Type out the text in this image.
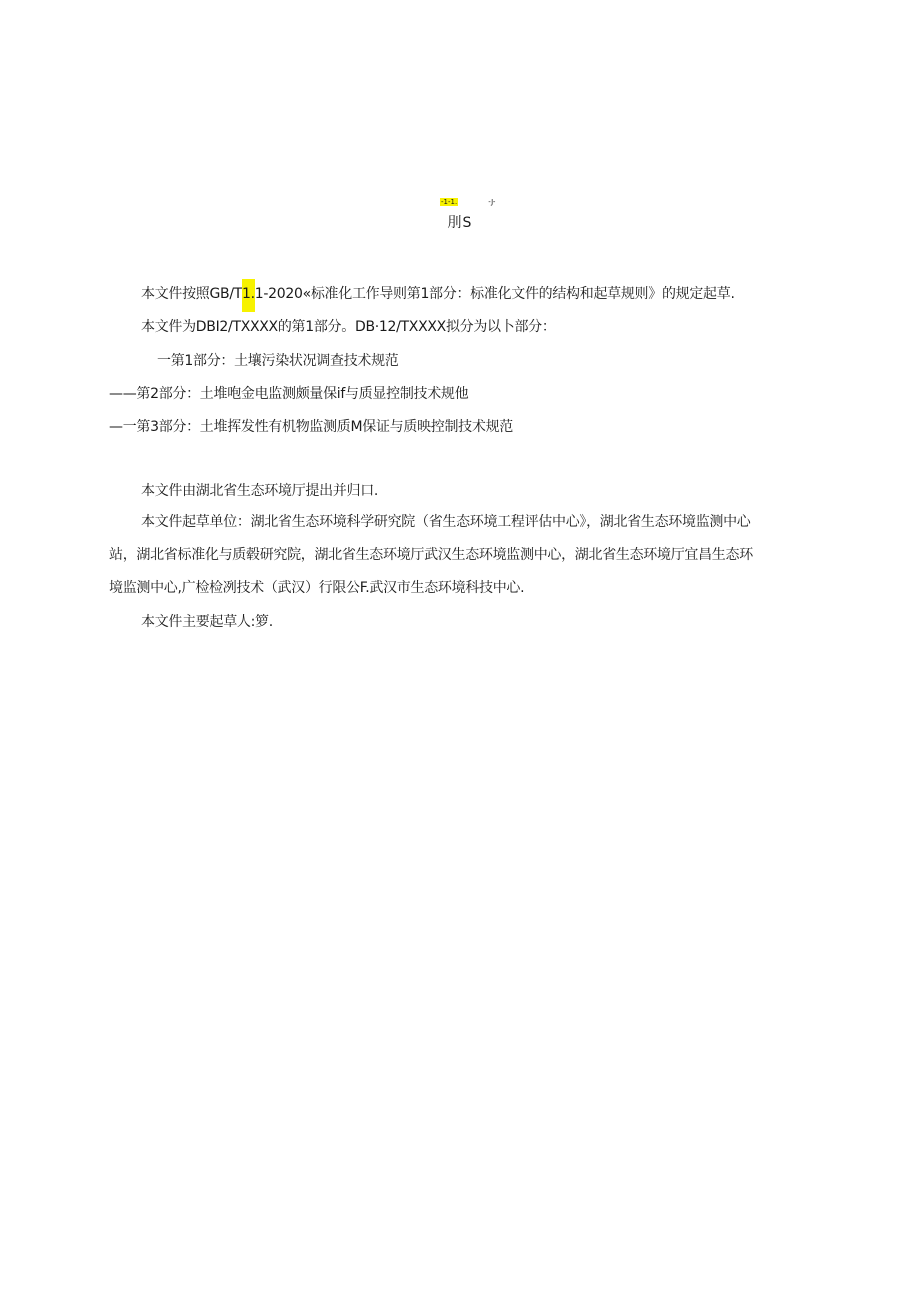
-1-1.	-J-
刖S
本文件按照GB/T1.1-2020«标准化工作导则第1部分：标准化文件的结构和起草规则》的规定起草.
本文件为DBI2/TXXXX的第1部分。DB·12/TXXXX拟分为以卜部分：
一第1部分：土壤污染状况调查技术规范
——第2部分：土堆咆金电监测颇量保if与质显控制技术规他
—一第3部分：土堆挥发性有机物监测质M保证与质映控制技术规范
本文件由湖北省生态环境厅提出并归口.
本文件起草单位：湖北省生态环境科学研究院（省生态环境工程评估中心》，湖北省生态环境监测中心
站，湖北省标准化与质毂研究院，湖北省生态环境厅武汉生态环境监测中心，湖北省生态环境厅宜昌生态环
境监测中心,广检检冽技术（武汉）行限公F.武汉市生态环境科技中心.
本文件主要起草人:箩.
